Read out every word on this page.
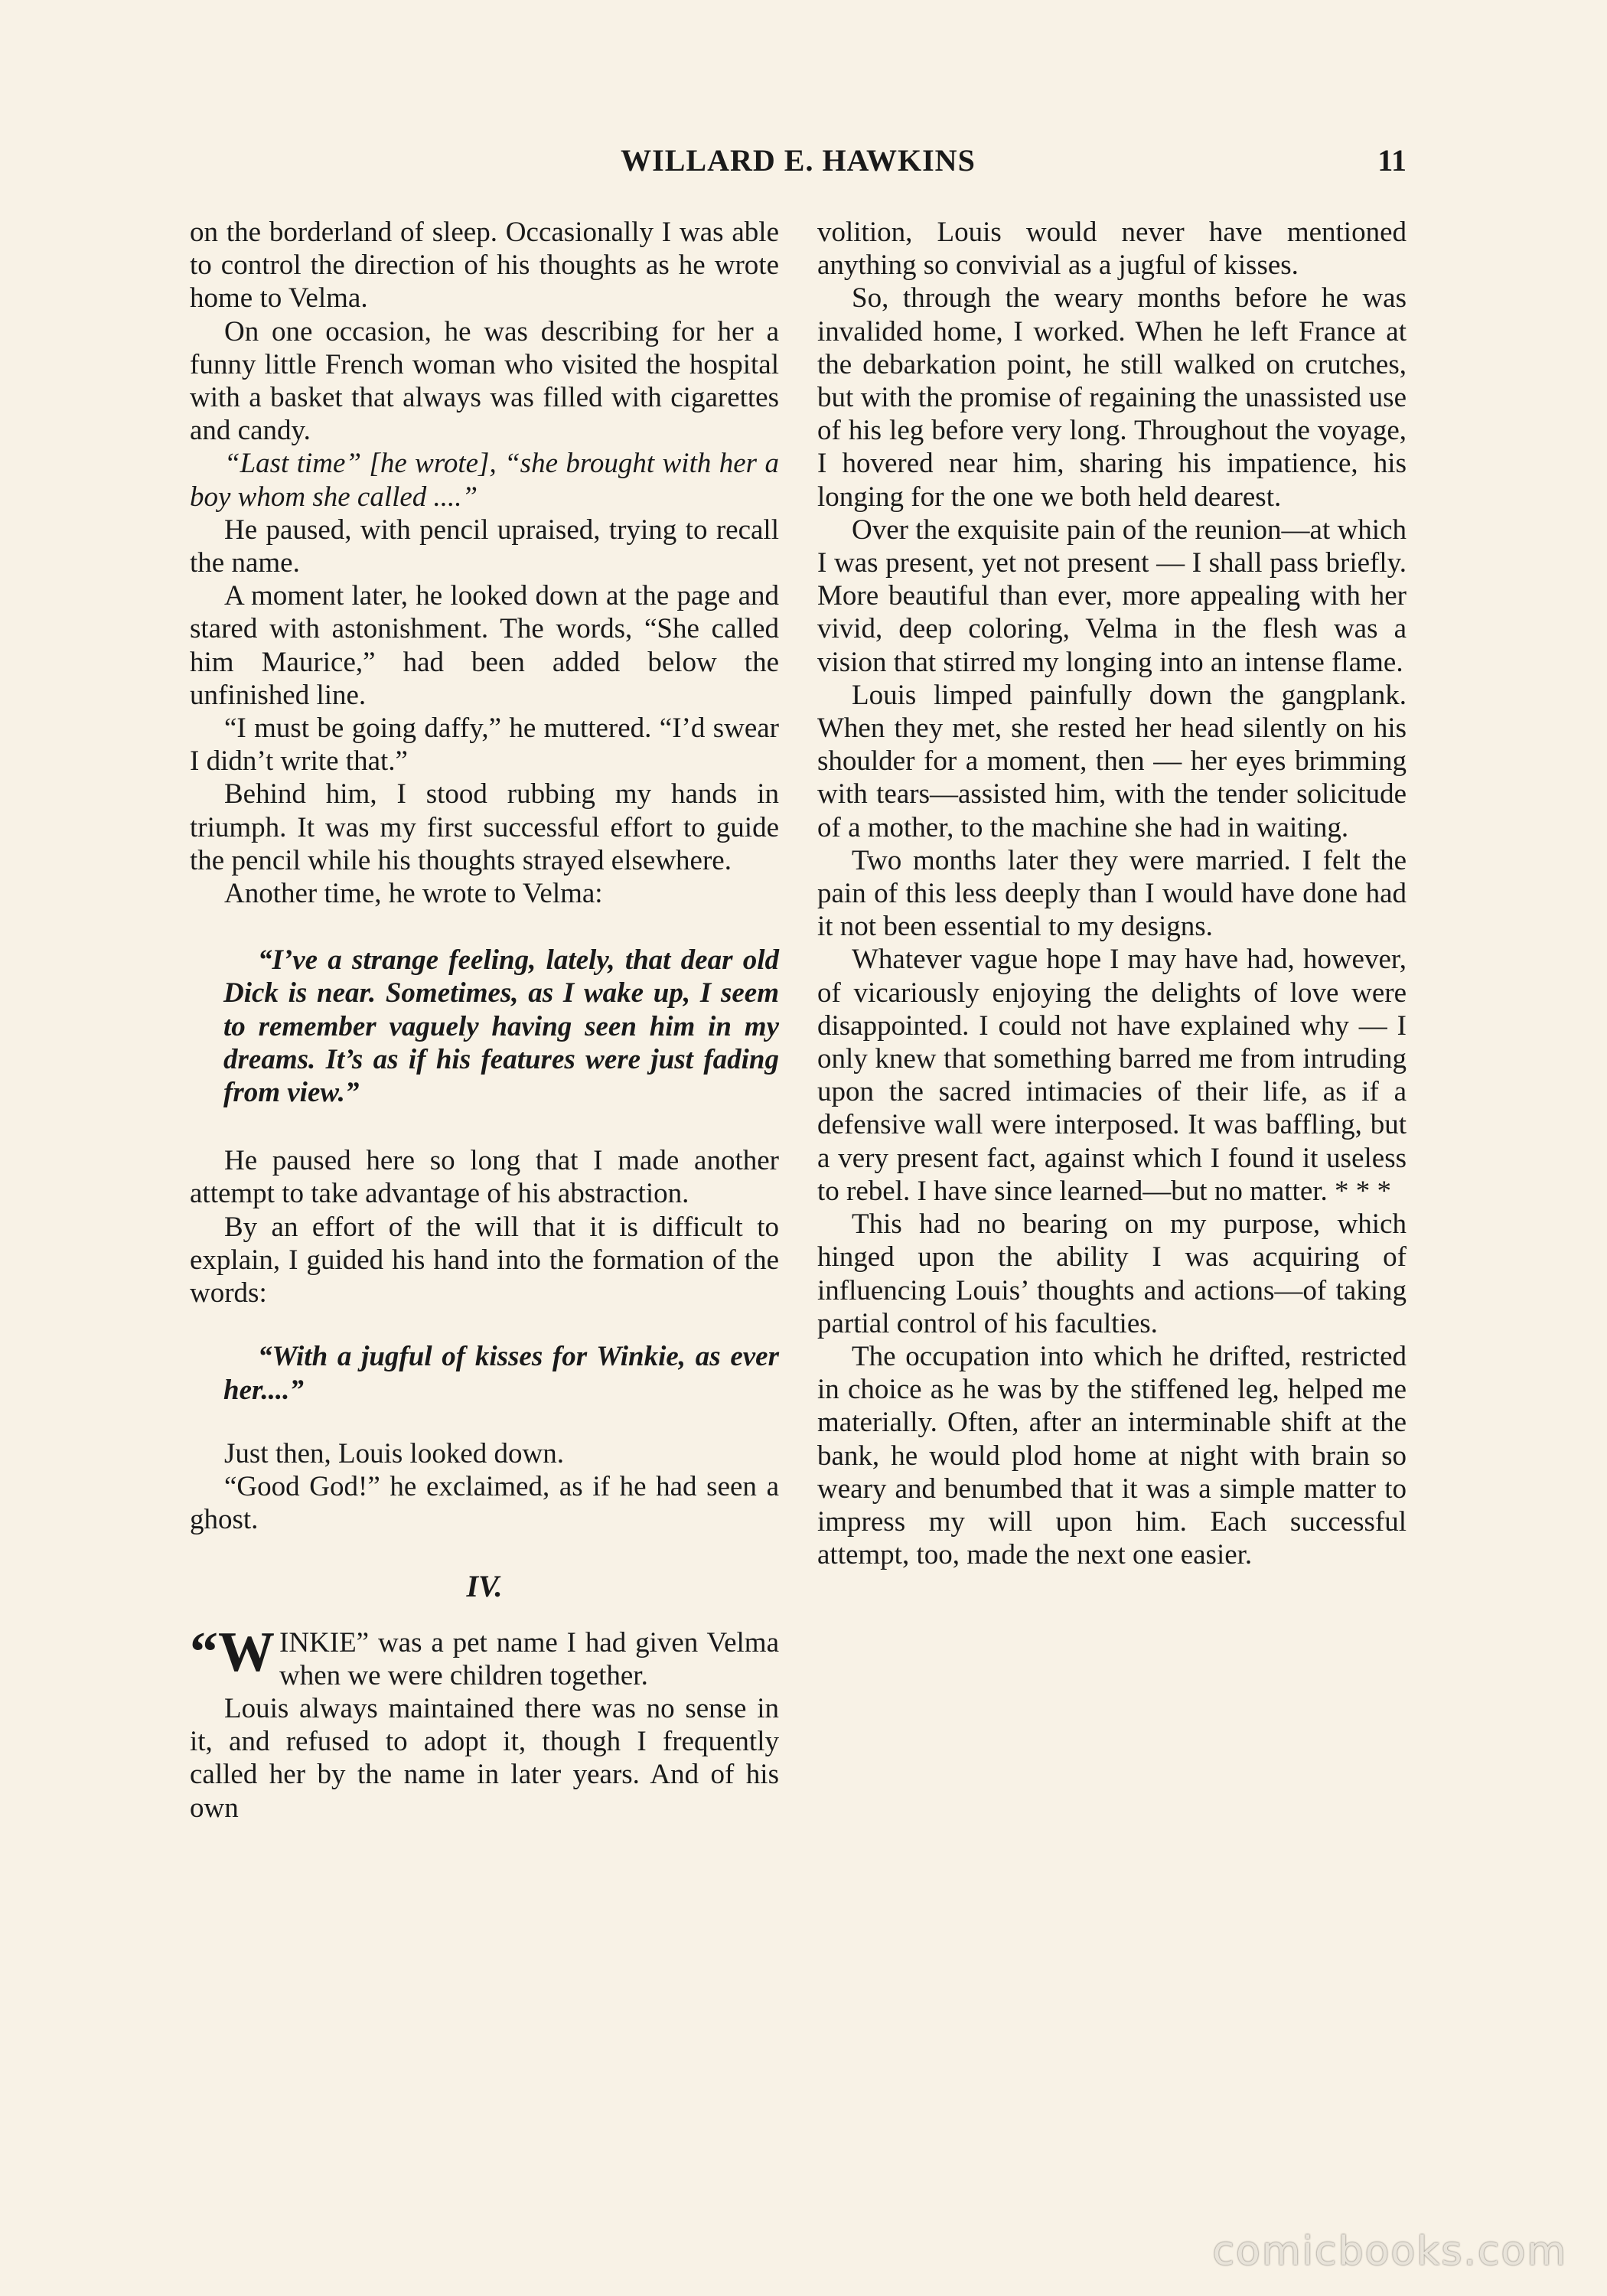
WILLARD E. HAWKINS	11

on the borderland of sleep. Occasionally I was able to control the direction of his thoughts as he wrote home to Velma.

On one occasion, he was describing for her a funny little French woman who visited the hospital with a basket that always was filled with cigarettes and candy.

“Last time” [he wrote], “she brought with her a boy whom she called ....”

He paused, with pencil upraised, trying to recall the name.

A moment later, he looked down at the page and stared with astonishment. The words, “She called him Maurice,” had been added below the unfinished line.

“I must be going daffy,” he muttered. “I’d swear I didn’t write that.”

Behind him, I stood rubbing my hands in triumph. It was my first successful effort to guide the pencil while his thoughts strayed elsewhere.

Another time, he wrote to Velma:

“I’ve a strange feeling, lately, that dear old Dick is near. Sometimes, as I wake up, I seem to remember vaguely having seen him in my dreams. It’s as if his features were just fading from view.”

He paused here so long that I made another attempt to take advantage of his abstraction.

By an effort of the will that it is difficult to explain, I guided his hand into the formation of the words:

“With a jugful of kisses for Winkie, as ever her....”

Just then, Louis looked down.

“Good God!” he exclaimed, as if he had seen a ghost.

IV.

“W INKIE” was a pet name I had given Velma when we were children together.

Louis always maintained there was no sense in it, and refused to adopt it, though I frequently called her by the name in later years. And of his own

volition, Louis would never have mentioned anything so convivial as a jugful of kisses.

So, through the weary months before he was invalided home, I worked. When he left France at the debarkation point, he still walked on crutches, but with the promise of regaining the unassisted use of his leg before very long. Throughout the voyage, I hovered near him, sharing his impatience, his longing for the one we both held dearest.

Over the exquisite pain of the reunion—at which I was present, yet not present — I shall pass briefly. More beautiful than ever, more appealing with her vivid, deep coloring, Velma in the flesh was a vision that stirred my longing into an intense flame.

Louis limped painfully down the gangplank. When they met, she rested her head silently on his shoulder for a moment, then — her eyes brimming with tears—assisted him, with the tender solicitude of a mother, to the machine she had in waiting.

Two months later they were married. I felt the pain of this less deeply than I would have done had it not been essential to my designs.

Whatever vague hope I may have had, however, of vicariously enjoying the delights of love were disappointed. I could not have explained why — I only knew that something barred me from intruding upon the sacred intimacies of their life, as if a defensive wall were interposed. It was baffling, but a very present fact, against which I found it useless to rebel. I have since learned—but no matter. * * *

This had no bearing on my purpose, which hinged upon the ability I was acquiring of influencing Louis’ thoughts and actions—of taking partial control of his faculties.

The occupation into which he drifted, restricted in choice as he was by the stiffened leg, helped me materially. Often, after an interminable shift at the bank, he would plod home at night with brain so weary and benumbed that it was a simple matter to impress my will upon him. Each successful attempt, too, made the next one easier.

comicbooks.com
